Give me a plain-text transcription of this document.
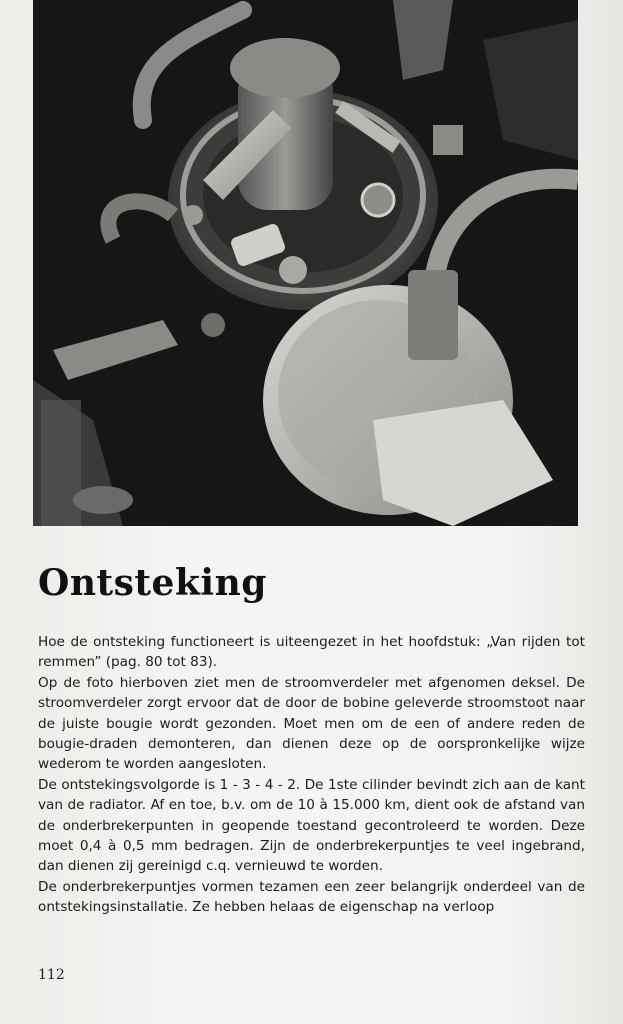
Ontsteking

Hoe de ontsteking functioneert is uiteengezet in het hoofdstuk: „Van rijden tot remmen” (pag. 80 tot 83).

Op de foto hierboven ziet men de stroomverdeler met afgenomen deksel. De stroomverdeler zorgt ervoor dat de door de bobine geleverde stroomstoot naar de juiste bougie wordt gezonden. Moet men om de een of andere reden de bougie-draden demonteren, dan dienen deze op de oorspronkelijke wijze wederom te worden aangesloten.

De ontstekingsvolgorde is 1 - 3 - 4 - 2. De 1ste cilinder bevindt zich aan de kant van de radiator. Af en toe, b.v. om de 10 à 15.000 km, dient ook de afstand van de onderbrekerpunten in geopende toestand gecontroleerd te worden. Deze moet 0,4 à 0,5 mm bedragen. Zijn de onderbrekerpuntjes te veel ingebrand, dan dienen zij gereinigd c.q. vernieuwd te worden.

De onderbrekerpuntjes vormen tezamen een zeer belangrijk onderdeel van de ontstekingsinstallatie. Ze hebben helaas de eigenschap na verloop

112
